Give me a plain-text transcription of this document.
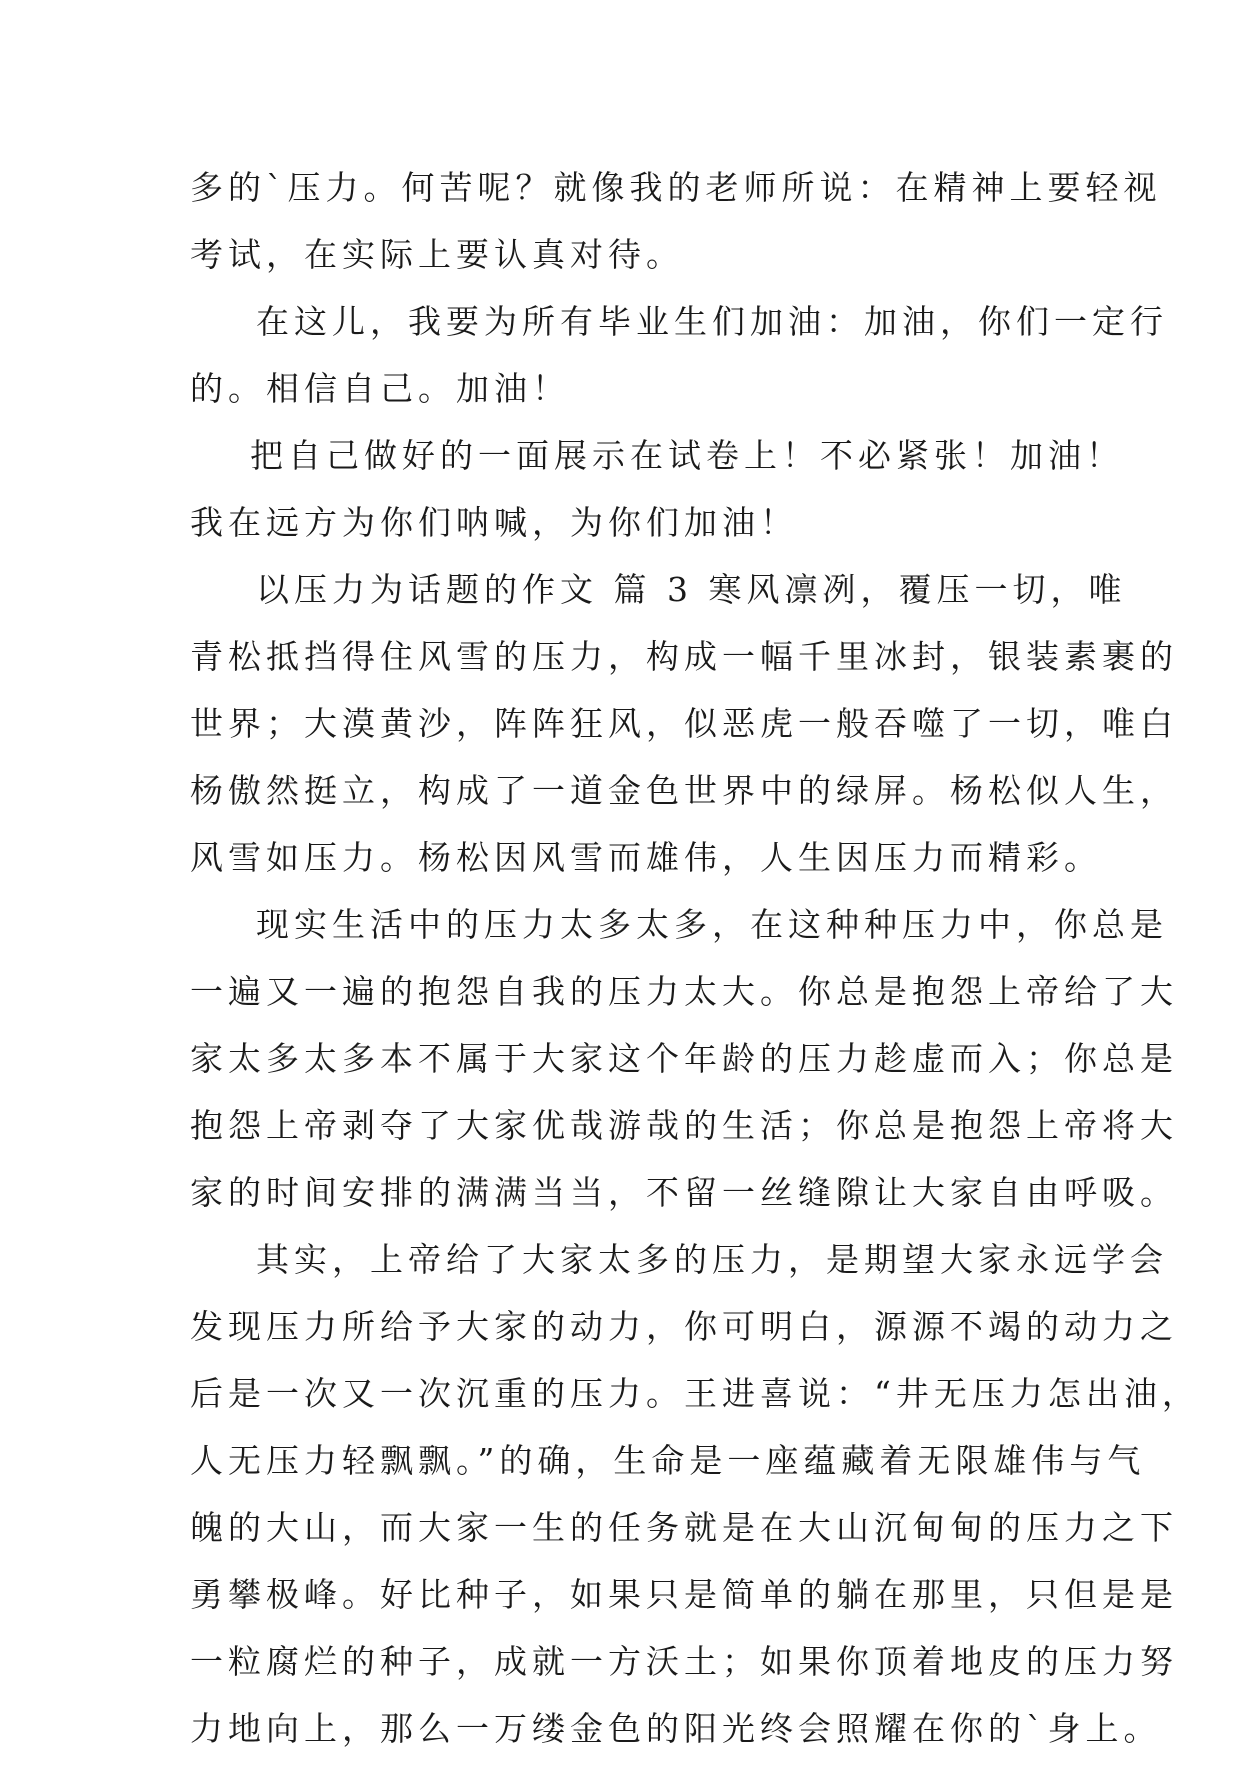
多的`压力。何苦呢？就像我的老师所说：在精神上要轻视
考试，在实际上要认真对待。
在这儿，我要为所有毕业生们加油：加油，你们一定行
的。相信自己。加油！
把自己做好的一面展示在试卷上！不必紧张！加油！
我在远方为你们呐喊，为你们加油！
以压力为话题的作文 篇 3 寒风凛冽，覆压一切，唯
青松抵挡得住风雪的压力，构成一幅千里冰封，银装素裹的
世界；大漠黄沙，阵阵狂风，似恶虎一般吞噬了一切，唯白
杨傲然挺立，构成了一道金色世界中的绿屏。杨松似人生，
风雪如压力。杨松因风雪而雄伟，人生因压力而精彩。
现实生活中的压力太多太多，在这种种压力中，你总是
一遍又一遍的抱怨自我的压力太大。你总是抱怨上帝给了大
家太多太多本不属于大家这个年龄的压力趁虚而入；你总是
抱怨上帝剥夺了大家优哉游哉的生活；你总是抱怨上帝将大
家的时间安排的满满当当，不留一丝缝隙让大家自由呼吸。
其实，上帝给了大家太多的压力，是期望大家永远学会
发现压力所给予大家的动力，你可明白，源源不竭的动力之
后是一次又一次沉重的压力。王进喜说：“井无压力怎出油，
人无压力轻飘飘。”的确，生命是一座蕴藏着无限雄伟与气
魄的大山，而大家一生的任务就是在大山沉甸甸的压力之下
勇攀极峰。好比种子，如果只是简单的躺在那里，只但是是
一粒腐烂的种子，成就一方沃土；如果你顶着地皮的压力努
力地向上，那么一万缕金色的阳光终会照耀在你的`身上。
